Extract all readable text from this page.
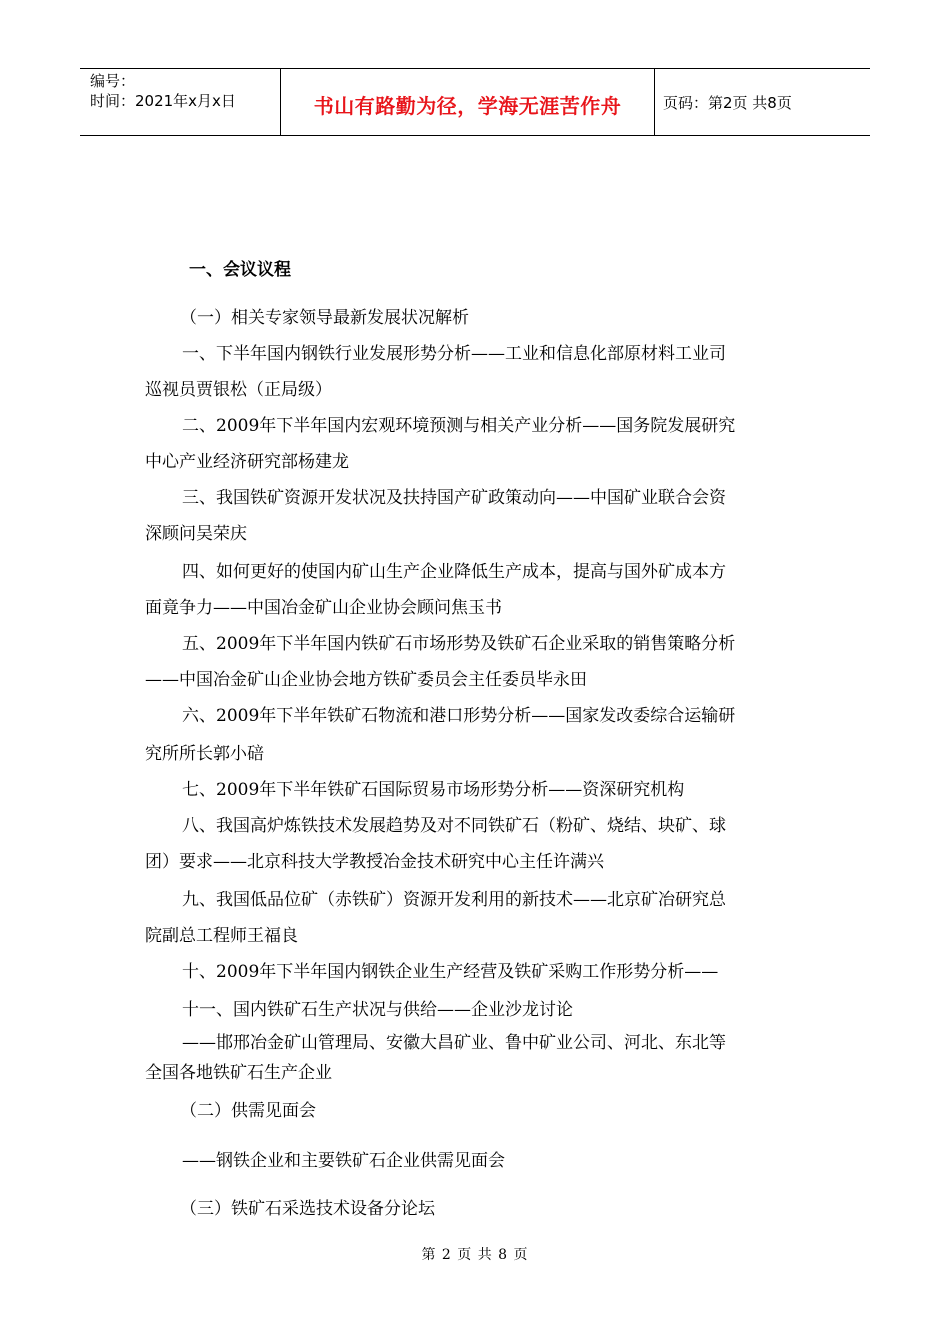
编号：
时间：2021年x月x日	书山有路勤为径，学海无涯苦作舟	页码：第2页 共8页
一、会议议程
（一）相关专家领导最新发展状况解析
一、下半年国内钢铁行业发展形势分析——工业和信息化部原材料工业司
巡视员贾银松（正局级）
二、2009年下半年国内宏观环境预测与相关产业分析——国务院发展研究
中心产业经济研究部杨建龙
三、我国铁矿资源开发状况及扶持国产矿政策动向——中国矿业联合会资
深顾问吴荣庆
四、如何更好的使国内矿山生产企业降低生产成本，提高与国外矿成本方
面竟争力——中国冶金矿山企业协会顾问焦玉书
五、2009年下半年国内铁矿石市场形势及铁矿石企业采取的销售策略分析
——中国冶金矿山企业协会地方铁矿委员会主任委员毕永田
六、2009年下半年铁矿石物流和港口形势分析——国家发改委综合运输研
究所所长郭小碚
七、2009年下半年铁矿石国际贸易市场形势分析——资深研究机构
八、我国高炉炼铁技术发展趋势及对不同铁矿石（粉矿、烧结、块矿、球
团）要求——北京科技大学教授冶金技术研究中心主任许满兴
九、我国低品位矿（赤铁矿）资源开发利用的新技术——北京矿冶研究总
院副总工程师王福良
十、2009年下半年国内钢铁企业生产经营及铁矿采购工作形势分析——
十一、国内铁矿石生产状况与供给——企业沙龙讨论
——邯邢冶金矿山管理局、安徽大昌矿业、鲁中矿业公司、河北、东北等
全国各地铁矿石生产企业
（二）供需见面会
——钢铁企业和主要铁矿石企业供需见面会
（三）铁矿石采选技术设备分论坛
第 2 页 共 8 页
